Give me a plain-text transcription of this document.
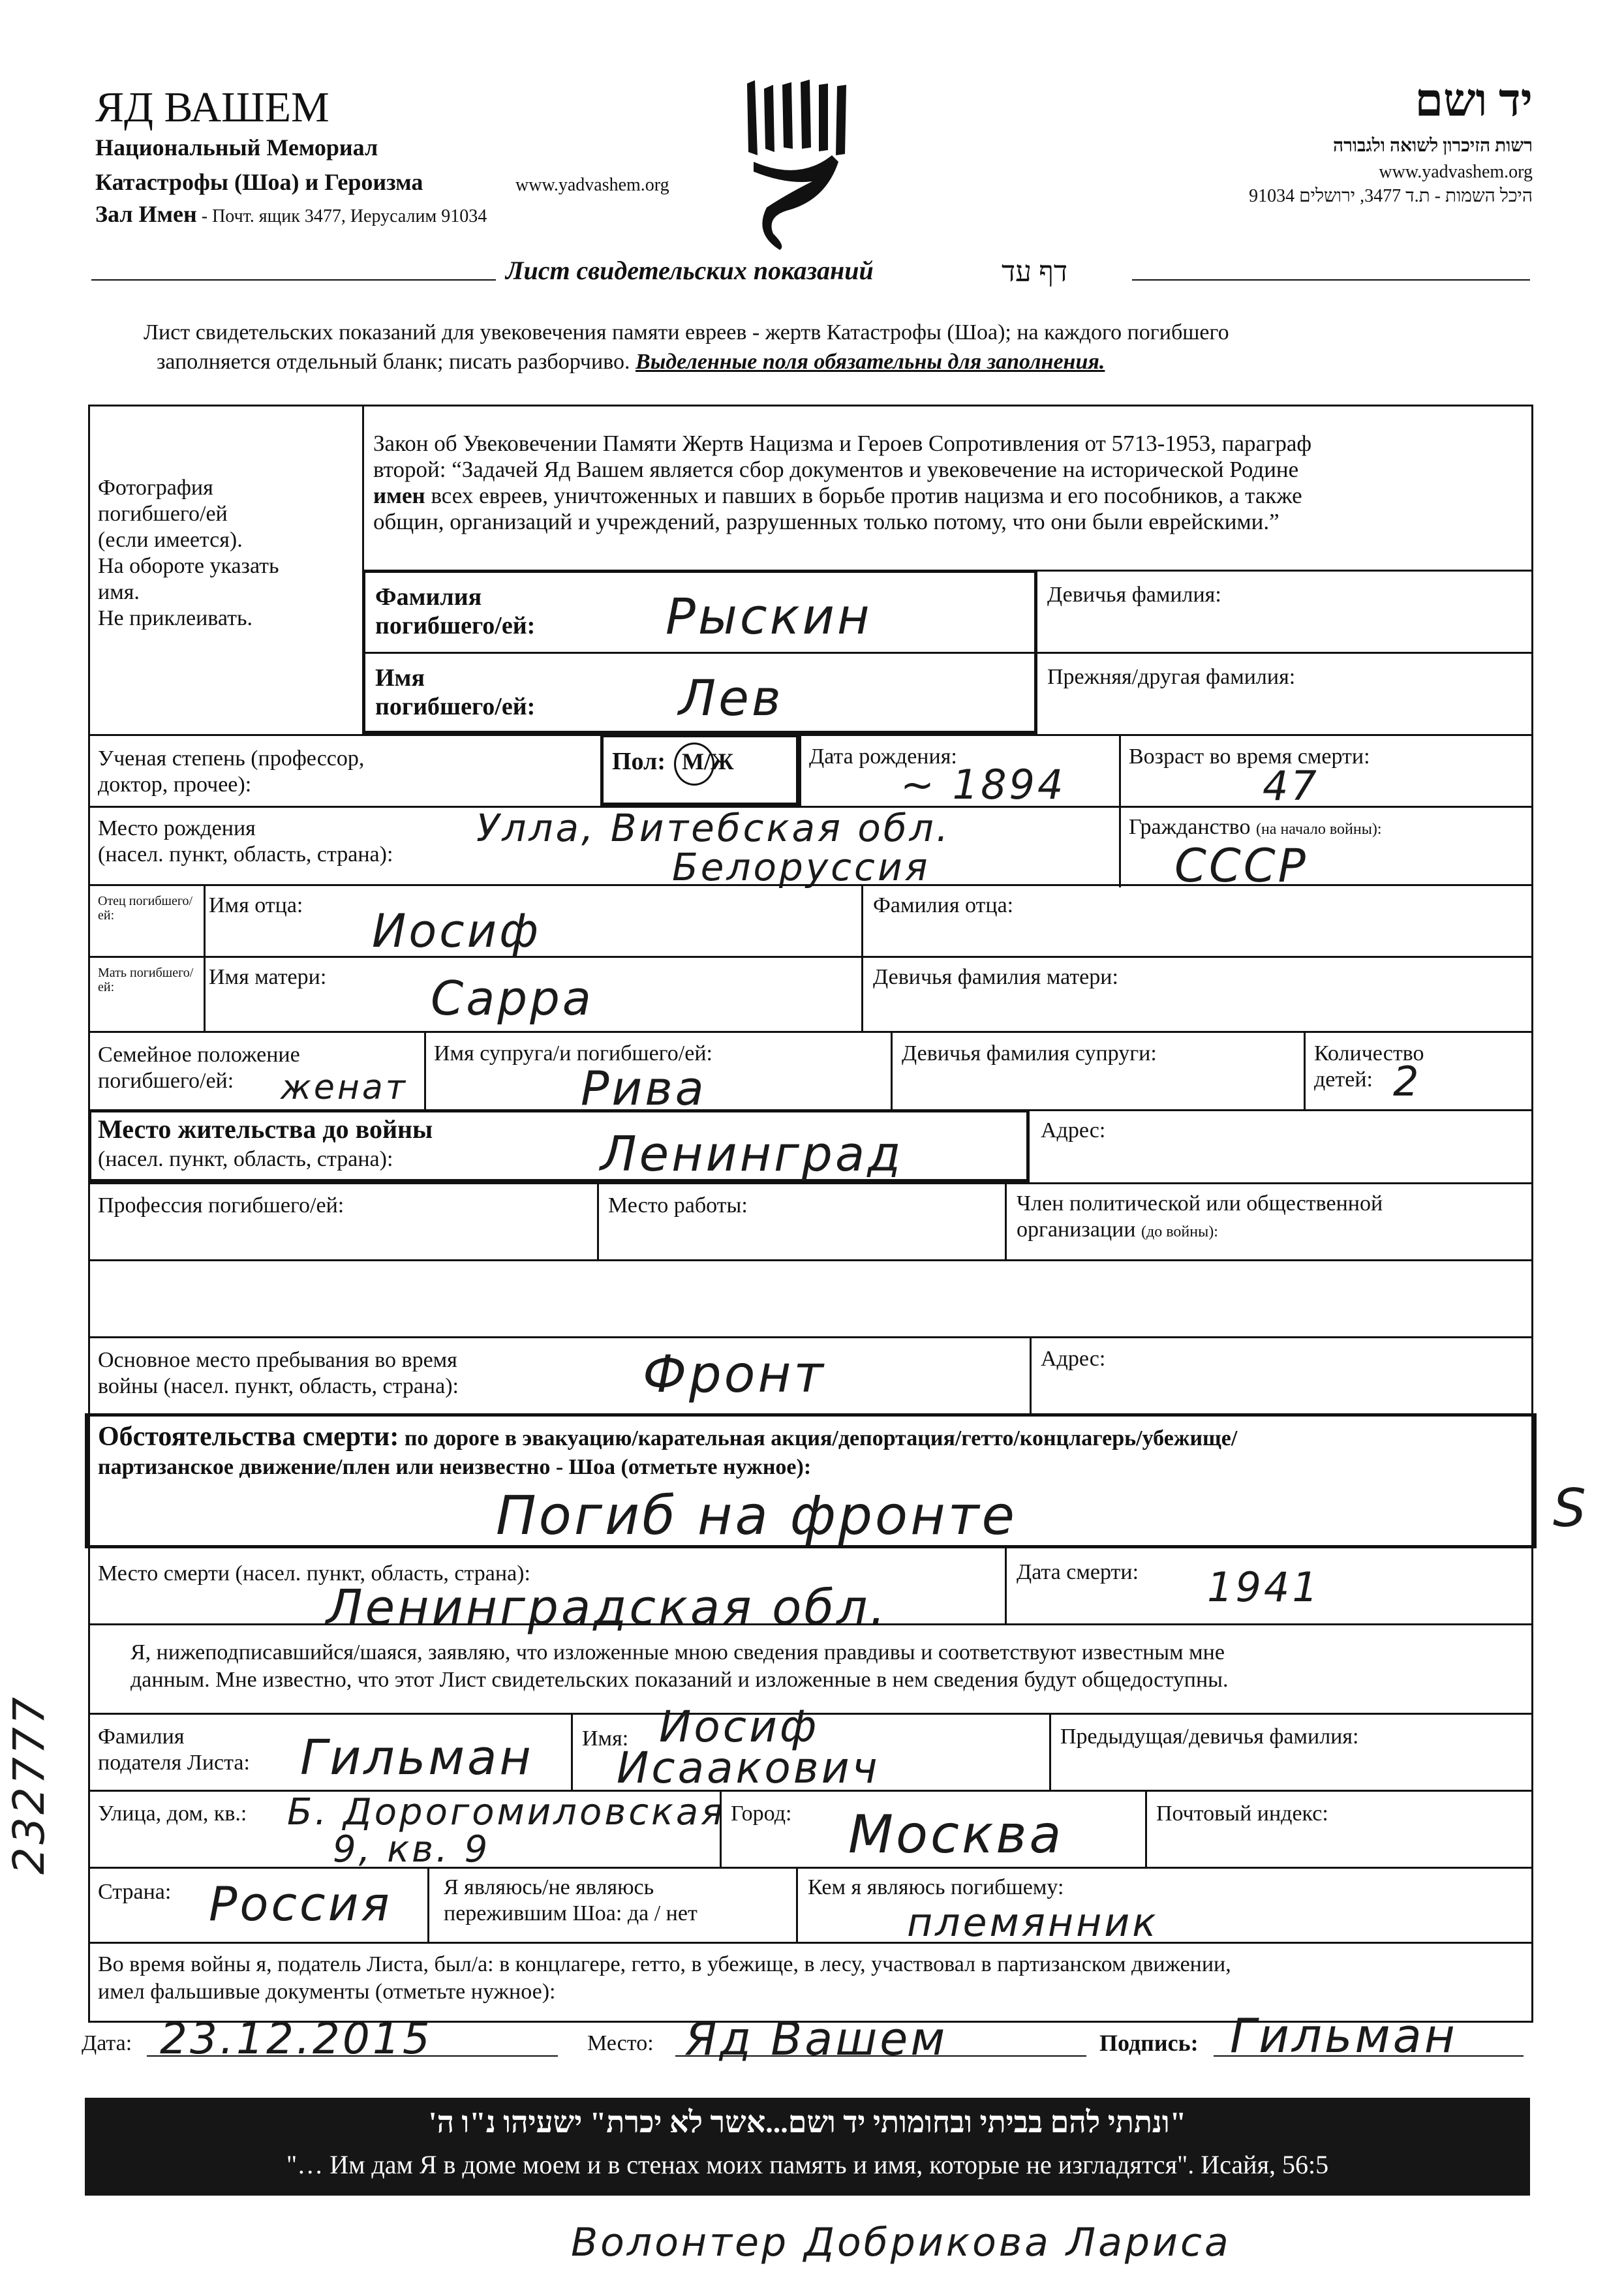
ЯД ВАШЕМ
Национальный Мемориал
Катастрофы (Шоа) и Героизма	www.yadvashem.org
Зал Имен - Почт. ящик 3477, Иерусалим 91034
יד ושם
רשות הזיכרון לשואה ולגבורה
www.yadvashem.org
היכל השמות - ת.ד 3477, ירושלים 91034
Лист свидетельских показаний	דף עד
Лист свидетельских показаний для увековечения памяти евреев - жертв Катастрофы (Шоа); на каждого погибшего
заполняется отдельный бланк; писать разборчиво. Выделенные поля обязательны для заполнения.
Фотография
погибшего/ей
(если имеется).
На обороте указать
имя.
Не приклеивать.
Закон об Увековечении Памяти Жертв Нацизма и Героев Сопротивления от 5713-1953, параграф
второй: “Задачей Яд Вашем является сбор документов и увековечение на исторической Родине
имен всех евреев, уничтоженных и павших в борьбе против нацизма и его пособников, а также
общин, организаций и учреждений, разрушенных только потому, что они были еврейскими.”
Фамилия
погибшего/ей:	Рыскин	Девичья фамилия:
Имя
погибшего/ей:	Лев	Прежняя/другая фамилия:
Ученая степень (профессор,
доктор, прочее):
Пол: М/Ж	Дата рождения:
~ 1894
Возраст во время смерти:
47
Место рождения
(насел. пункт, область, страна):
Улла, Витебская обл.
Белоруссия
Гражданство (на начало войны):
СССР
Отец погибшего/ ей:	Имя отца: Иосиф	Фамилия отца:
Мать погибшего/ ей:	Имя матери: Сарра	Девичья фамилия матери:
Семейное положение
погибшего/ей:	женат
Имя супруга/и погибшего/ей:
Рива
Девичья фамилия супруги:	Количество
детей: 2
Место жительства до войны
(насел. пункт, область, страна):	Ленинград	Адрес:
Профессия погибшего/ей:	Место работы:	Член политической или общественной
организации (до войны):
Основное место пребывания во время
войны (насел. пункт, область, страна):	Фронт	Адрес:
Обстоятельства смерти: по дороге в эвакуацию/карательная акция/депортация/гетто/концлагерь/убежище/
партизанское движение/плен или неизвестно - Шоа (отметьте нужное):
Погиб на фронте
Место смерти (насел. пункт, область, страна):
Ленинградская обл.
Дата смерти: 1941
Я, нижеподписавшийся/шаяся, заявляю, что изложенные мною сведения правдивы и соответствуют известным мне
данным. Мне известно, что этот Лист свидетельских показаний и изложенные в нем сведения будут общедоступны.
Фамилия
подателя Листа: Гильман Имя: Иосиф
Исаакович
Предыдущая/девичья фамилия:
Улица, дом, кв.: Б. Дорогомиловская
9, кв. 9
Город: Москва	Почтовый индекс:
Страна: Россия Я являюсь/не являюсь
пережившим Шоа: да / нет
Кем я являюсь погибшему:
племянник
Во время войны я, податель Листа, был/а: в концлагере, гетто, в убежище, в лесу, участвовал в партизанском движении,
имел фальшивые документы (отметьте нужное):
Дата: 23.12.2015	Место: Яд Вашем	Подпись: Гильман
"ונתתי להם בביתי ובחומותי יד ושם...אשר לא יכרת" ישעיהו נ"ו ה'
"… Им дам Я в доме моем и в стенах моих память и имя, которые не изгладятся". Исайя, 56:5
Волонтер Добрикова Лариса
232777
S
